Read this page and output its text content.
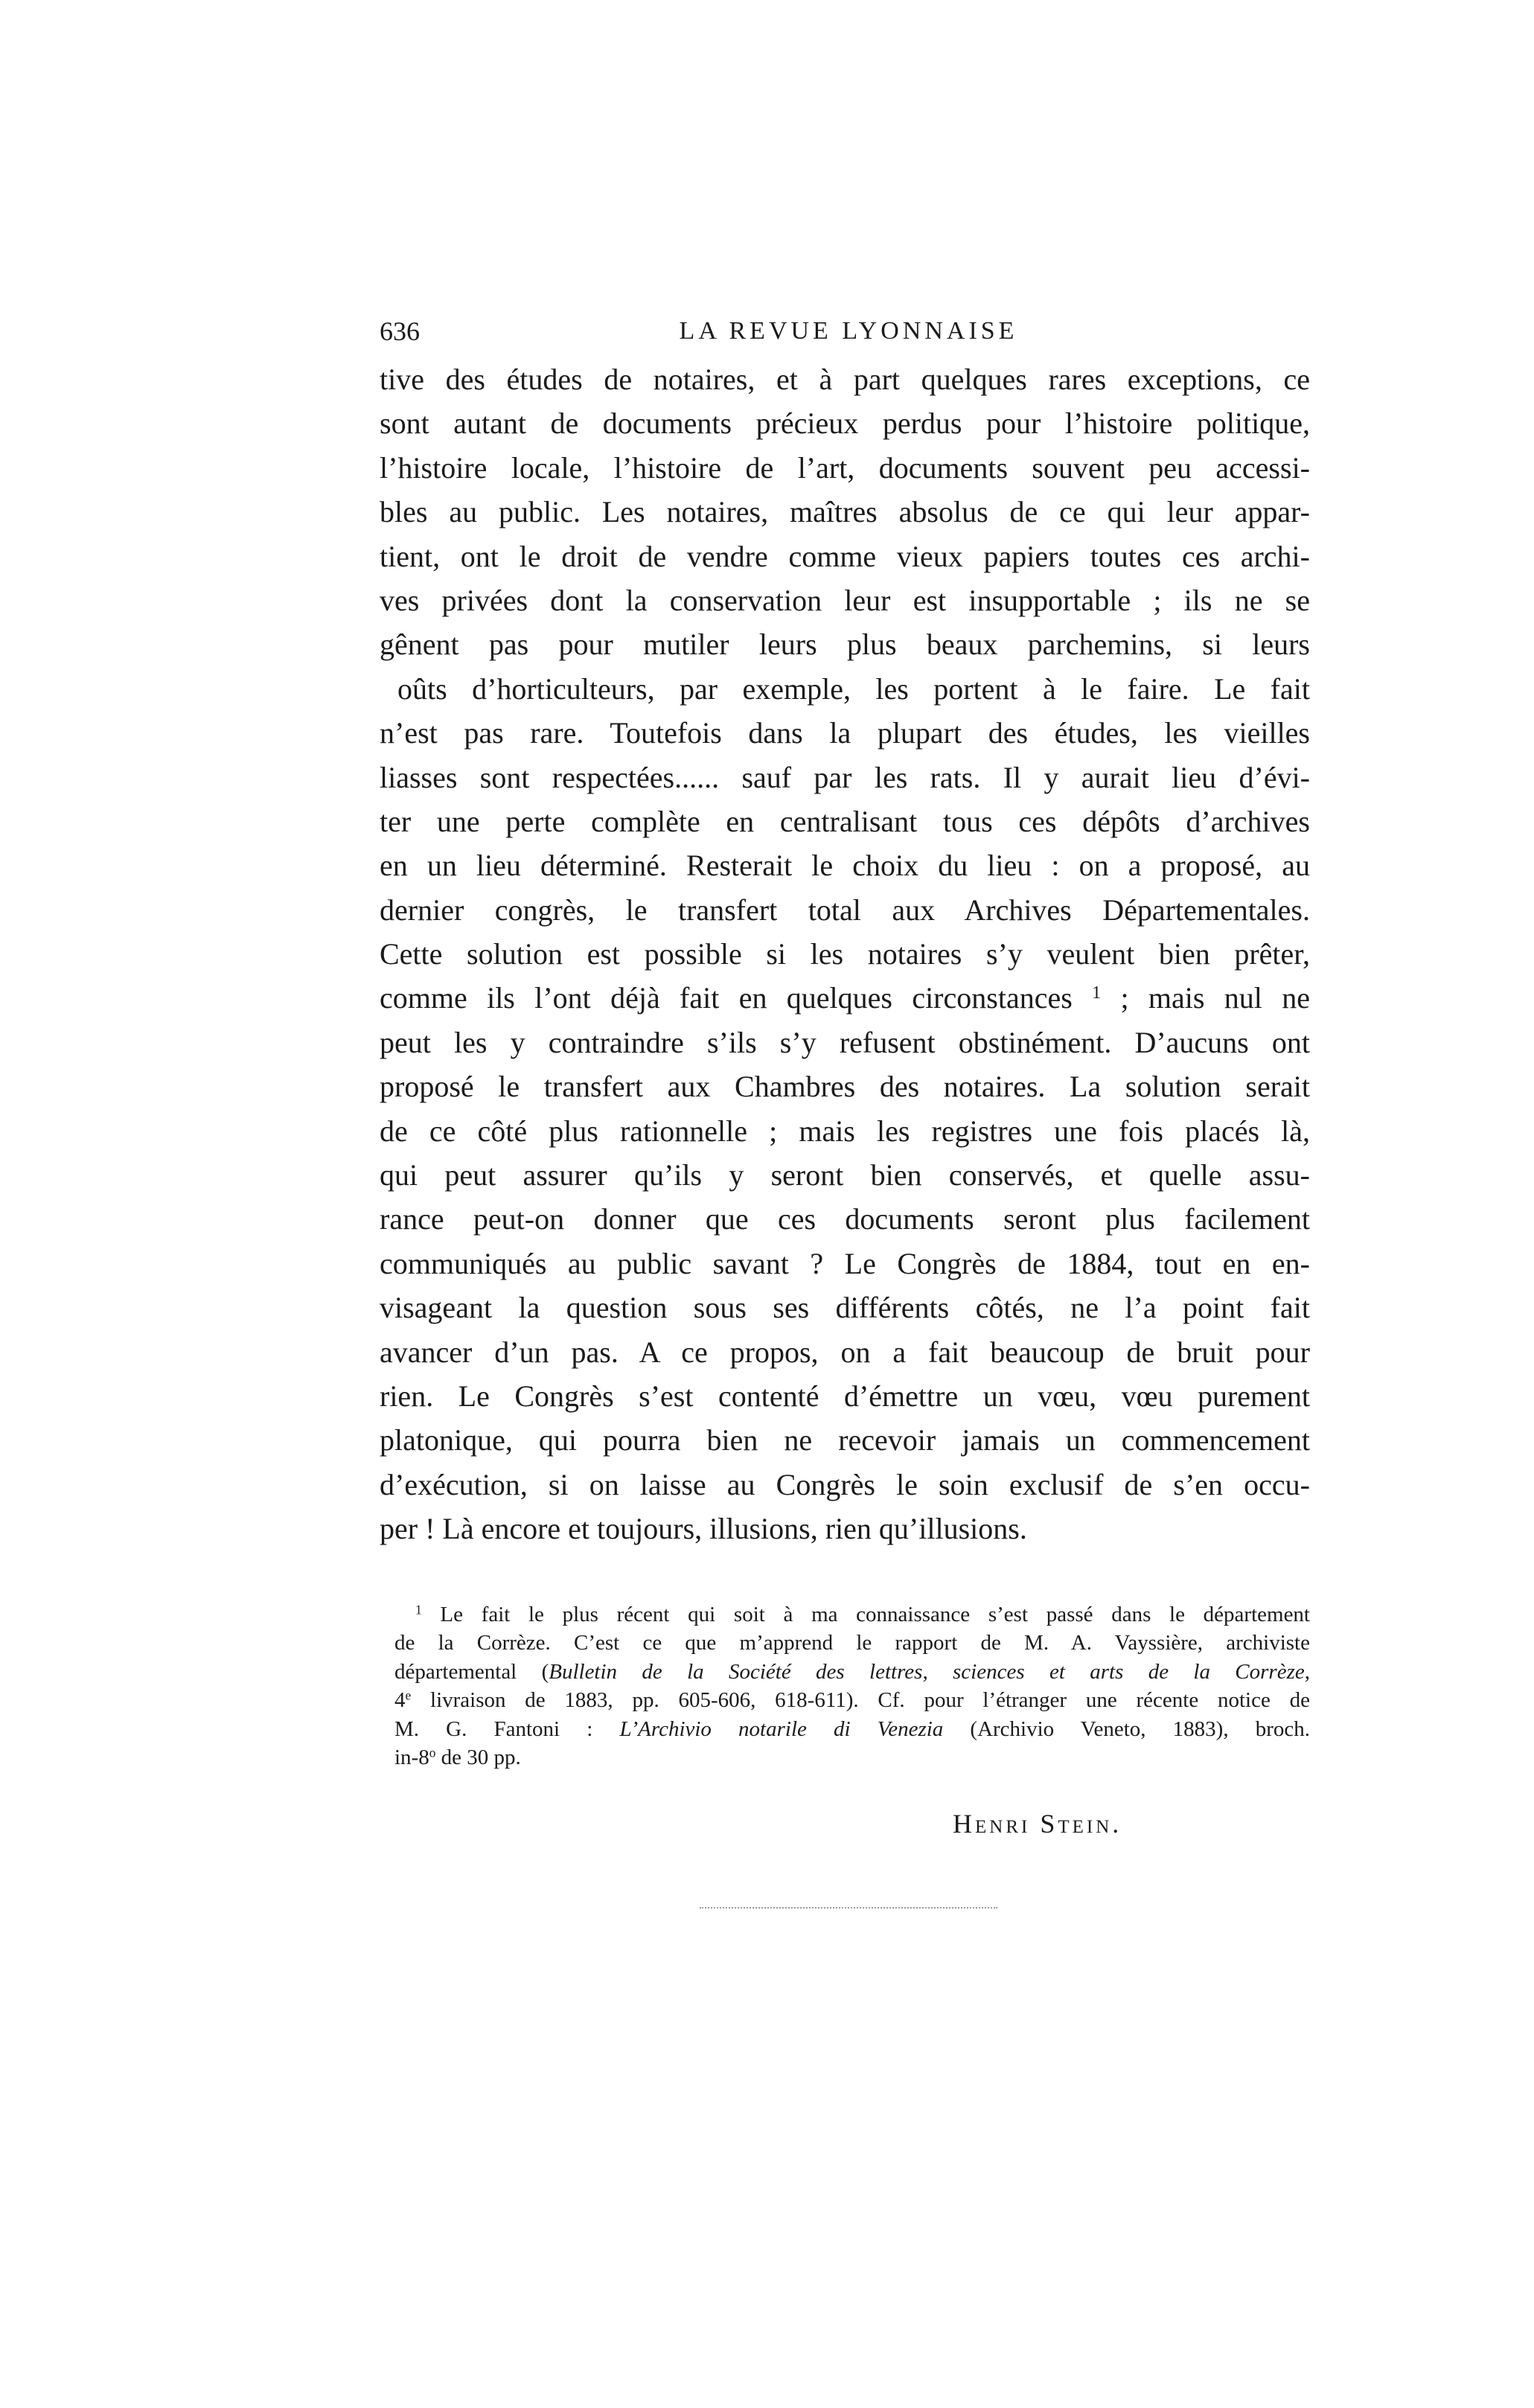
636	LA REVUE LYONNAISE
tive des études de notaires, et à part quelques rares exceptions, ce
sont autant de documents précieux perdus pour l’histoire politique,
l’histoire locale, l’histoire de l’art, documents souvent peu accessi-
bles au public. Les notaires, maîtres absolus de ce qui leur appar-
tient, ont le droit de vendre comme vieux papiers toutes ces archi-
ves privées dont la conservation leur est insupportable ; ils ne se
gênent pas pour mutiler leurs plus beaux parchemins, si leurs
oûts d’horticulteurs, par exemple, les portent à le faire. Le fait
n’est pas rare. Toutefois dans la plupart des études, les vieilles
liasses sont respectées...... sauf par les rats. Il y aurait lieu d’évi-
ter une perte complète en centralisant tous ces dépôts d’archives
en un lieu déterminé. Resterait le choix du lieu : on a proposé, au
dernier congrès, le transfert total aux Archives Départementales.
Cette solution est possible si les notaires s’y veulent bien prêter,
comme ils l’ont déjà fait en quelques circonstances $^1$ ; mais nul ne
peut les y contraindre s’ils s’y refusent obstinément. D’aucuns ont
proposé le transfert aux Chambres des notaires. La solution serait
de ce côté plus rationnelle ; mais les registres une fois placés là,
qui peut assurer qu’ils y seront bien conservés, et quelle assu-
rance peut-on donner que ces documents seront plus facilement
communiqués au public savant ? Le Congrès de 1884, tout en en-
visageant la question sous ses différents côtés, ne l’a point fait
avancer d’un pas. A ce propos, on a fait beaucoup de bruit pour
rien. Le Congrès s’est contenté d’émettre un vœu, vœu purement
platonique, qui pourra bien ne recevoir jamais un commencement
d’exécution, si on laisse au Congrès le soin exclusif de s’en occu-
per ! Là encore et toujours, illusions, rien qu’illusions.
$^1$ Le fait le plus récent qui soit à ma connaissance s’est passé dans le département
de la Corrèze. C’est ce que m’apprend le rapport de M. A. Vayssière, archiviste
départemental (Bulletin de la Société des lettres, sciences et arts de la Corrèze,
4e livraison de 1883, pp. 605-606, 618-611). Cf. pour l’étranger une récente notice de
M. G. Fantoni : L’Archivio notarile di Venezia (Archivio Veneto, 1883), broch.
in-8$^o$ de 30 pp.
Henri Stein.
